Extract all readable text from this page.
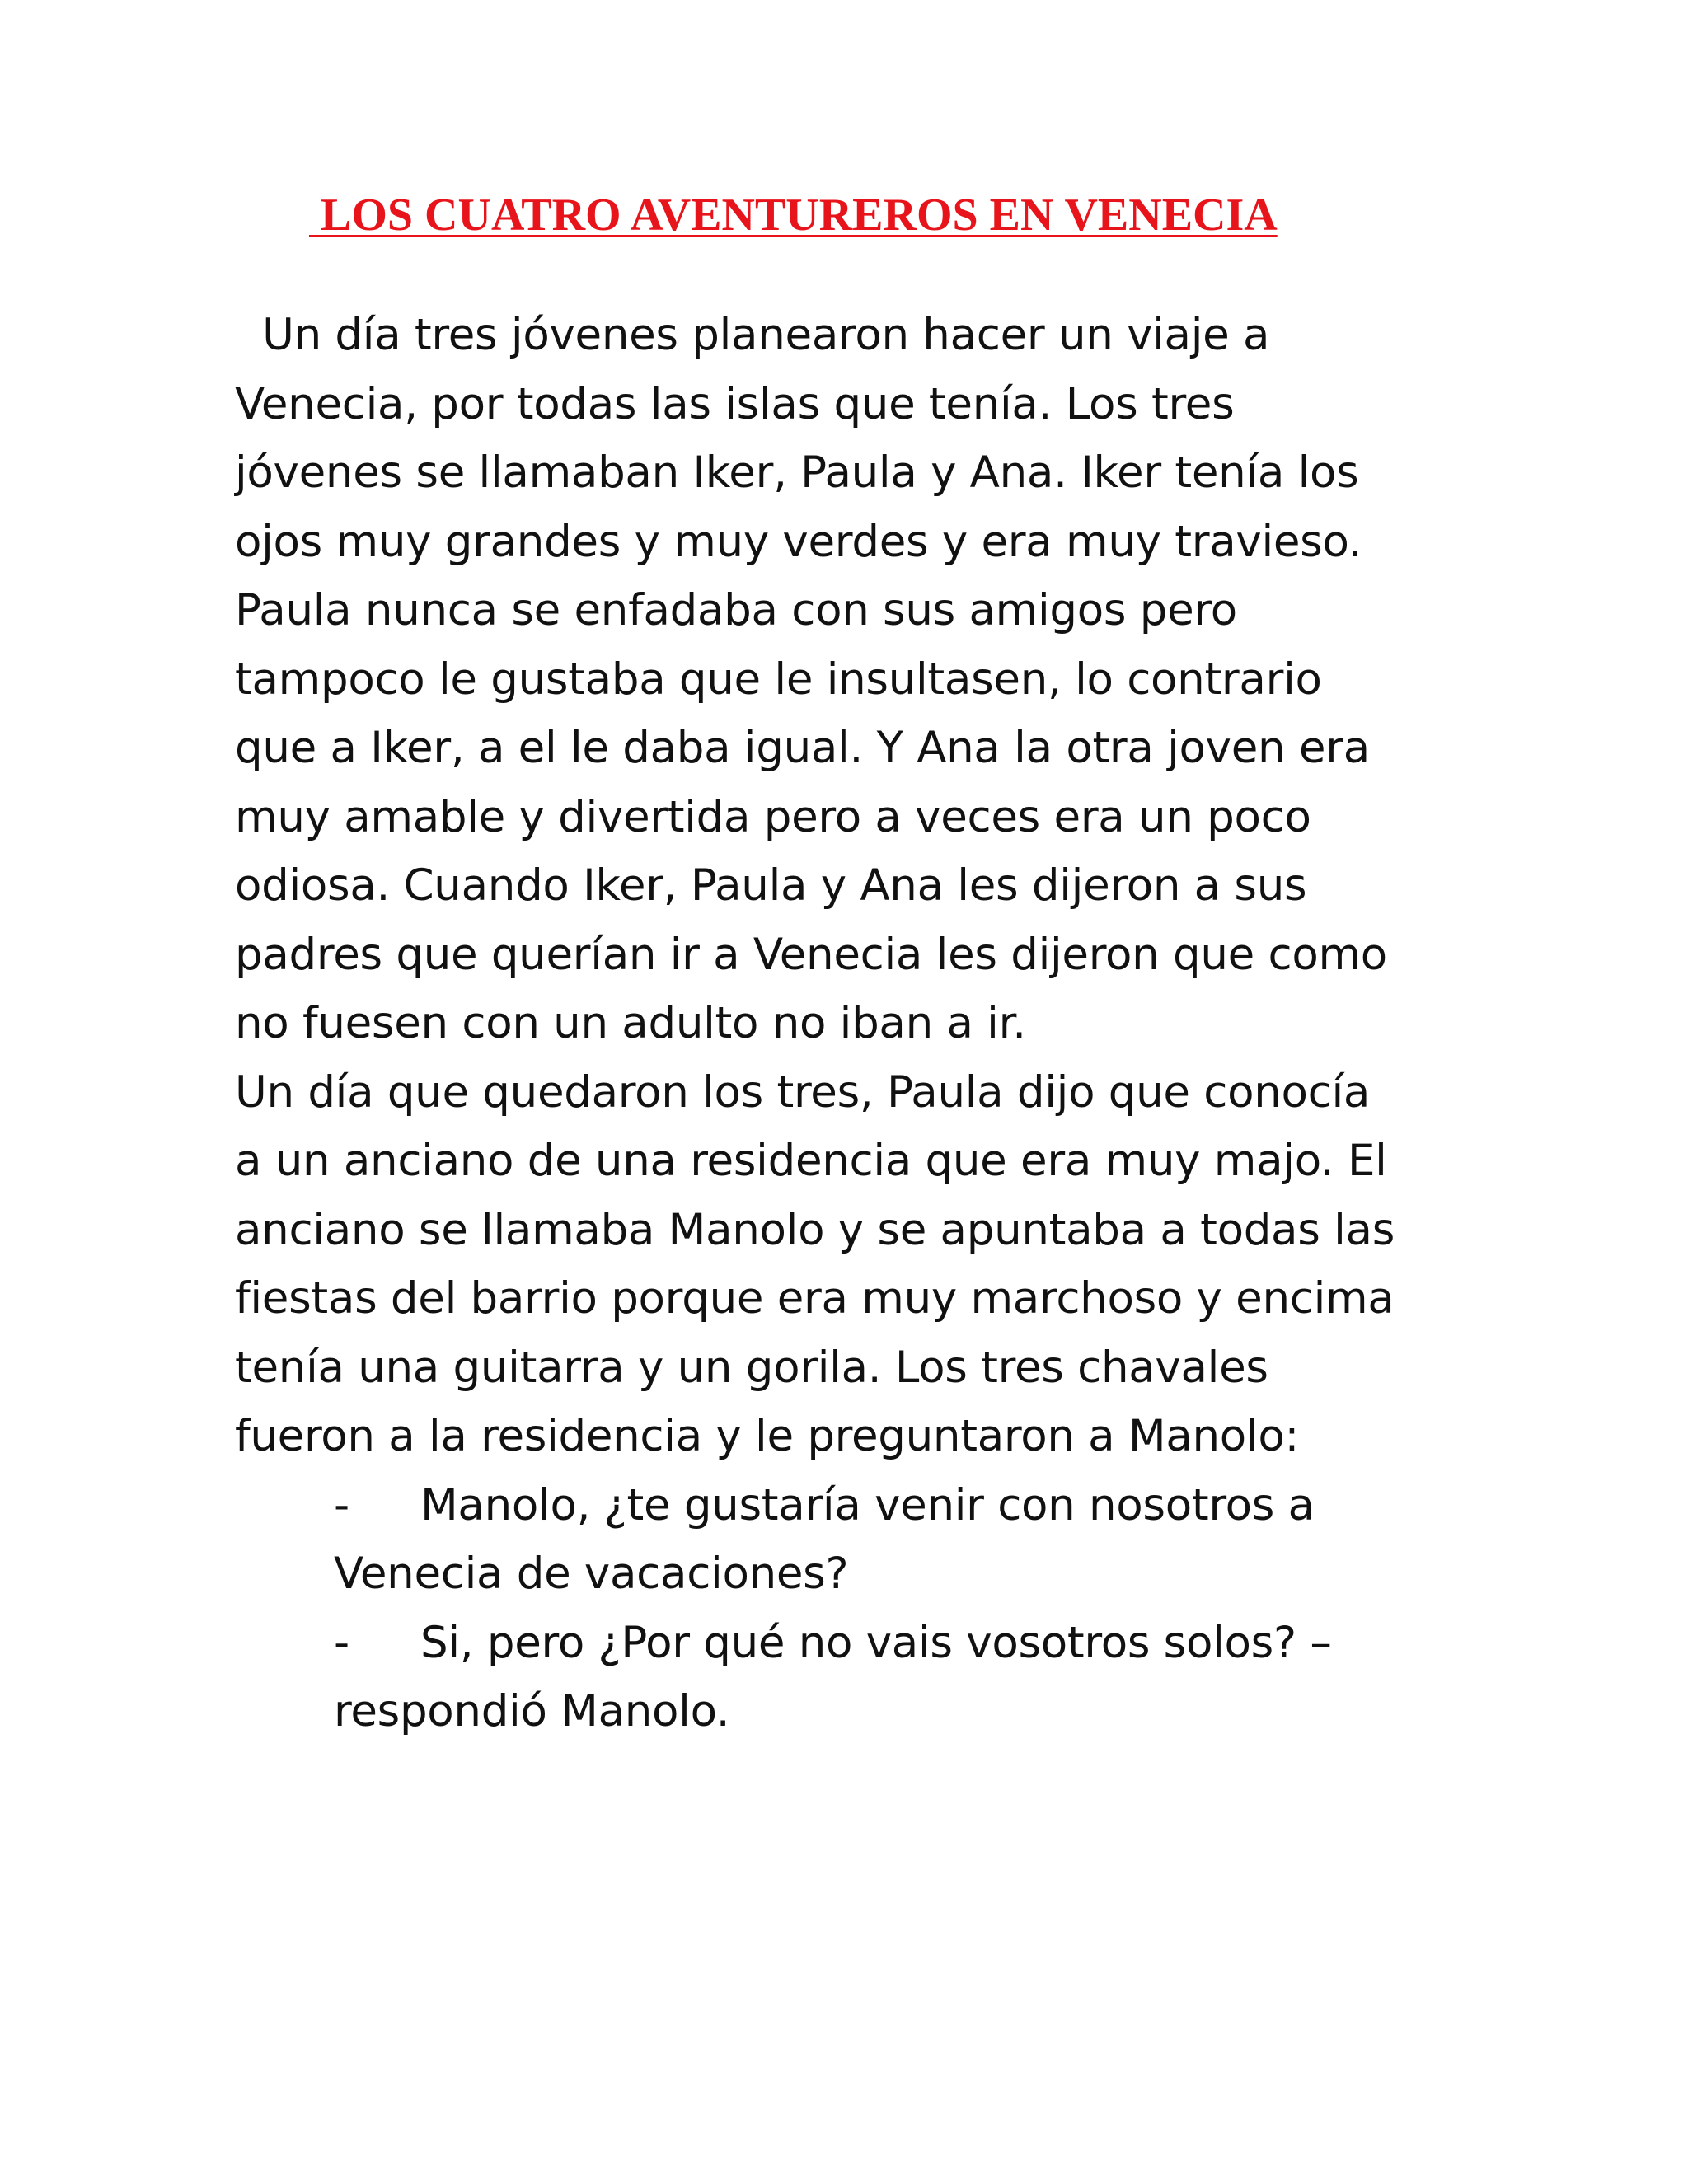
LOS CUATRO AVENTUREROS EN VENECIA
Un día tres jóvenes planearon hacer un viaje a
Venecia, por todas las islas que tenía. Los tres
jóvenes se llamaban Iker, Paula y Ana. Iker tenía los
ojos muy grandes y muy verdes y era muy travieso.
Paula nunca se enfadaba con sus amigos pero
tampoco le gustaba que le insultasen, lo contrario
que a Iker, a el le daba igual. Y Ana la otra joven era
muy amable y divertida pero a veces era un poco
odiosa. Cuando Iker, Paula y Ana les dijeron a sus
padres que querían ir a Venecia les dijeron que como
no fuesen con un adulto no iban a ir.
Un día que quedaron los tres, Paula dijo que conocía
a un anciano de una residencia que era muy majo. El
anciano se llamaba Manolo y se apuntaba a todas las
fiestas del barrio porque era muy marchoso y encima
tenía una guitarra y un gorila. Los tres chavales
fueron a la residencia y le preguntaron a Manolo:
-	Manolo, ¿te gustaría venir con nosotros a
Venecia de vacaciones?
-	Si, pero ¿Por qué no vais vosotros solos? –
respondió Manolo.
